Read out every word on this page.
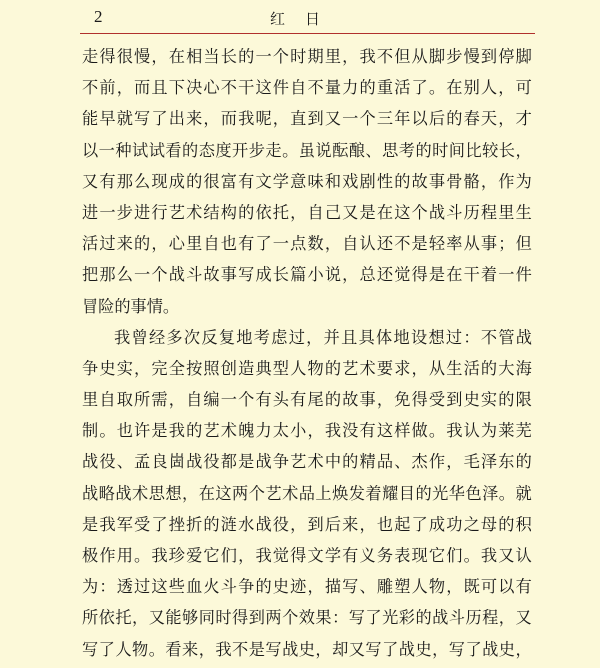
2	红日
走 得 很 慢 ， 在 相 当 长 的 一 个 时 期 里 ， 我 不 但 从 脚 步 慢 到 停 脚
不 前 ， 而 且 下 决 心 不 干 这 件 自 不 量 力 的 重 活 了 。 在 别 人 ， 可
能 早 就 写 了 出 来 ， 而 我 呢 ， 直 到 又 一 个 三 年 以 后 的 春 天 ， 才
以 一 种 试 试 看 的 态 度 开 步 走 。 虽 说 酝 酿 、 思 考 的 时 间 比 较 长 ，
又 有 那 么 现 成 的 很 富 有 文 学 意 味 和 戏 剧 性 的 故 事 骨 骼 ， 作 为
进 一 步 进 行 艺 术 结 构 的 依 托 ， 自 己 又 是 在 这 个 战 斗 历 程 里 生
活 过 来 的 ， 心 里 自 也 有 了 一 点 数 ， 自 认 还 不 是 轻 率 从 事 ； 但
把 那 么 一 个 战 斗 故 事 写 成 长 篇 小 说 ， 总 还 觉 得 是 在 干 着 一 件
冒险的事情。
我 曾 经 多 次 反 复 地 考 虑 过 ， 并 且 具 体 地 设 想 过 ： 不 管 战
争 史 实 ， 完 全 按 照 创 造 典 型 人 物 的 艺 术 要 求 ， 从 生 活 的 大 海
里 自 取 所 需 ， 自 编 一 个 有 头 有 尾 的 故 事 ， 免 得 受 到 史 实 的 限
制 。 也 许 是 我 的 艺 术 魄 力 太 小 ， 我 没 有 这 样 做 。 我 认 为 莱 芜
战 役 、 孟 良 崮 战 役 都 是 战 争 艺 术 中 的 精 品 、 杰 作 ， 毛 泽 东 的
战 略 战 术 思 想 ， 在 这 两 个 艺 术 品 上 焕 发 着 耀 目 的 光 华 色 泽 。 就
是 我 军 受 了 挫 折 的 涟 水 战 役 ， 到 后 来 ， 也 起 了 成 功 之 母 的 积
极 作 用 。 我 珍 爱 它 们 ， 我 觉 得 文 学 有 义 务 表 现 它 们 。 我 又 认
为 ： 透 过 这 些 血 火 斗 争 的 史 迹 ， 描 写 、 雕 塑 人 物 ， 既 可 以 有
所 依 托 ， 又 能 够 同 时 得 到 两 个 效 果 ： 写 了 光 彩 的 战 斗 历 程 ， 又
写 了 人 物 。 看 来 ， 我 不 是 写 战 史 ， 却 又 写 了 战 史 ， 写 了 战 史 ，
